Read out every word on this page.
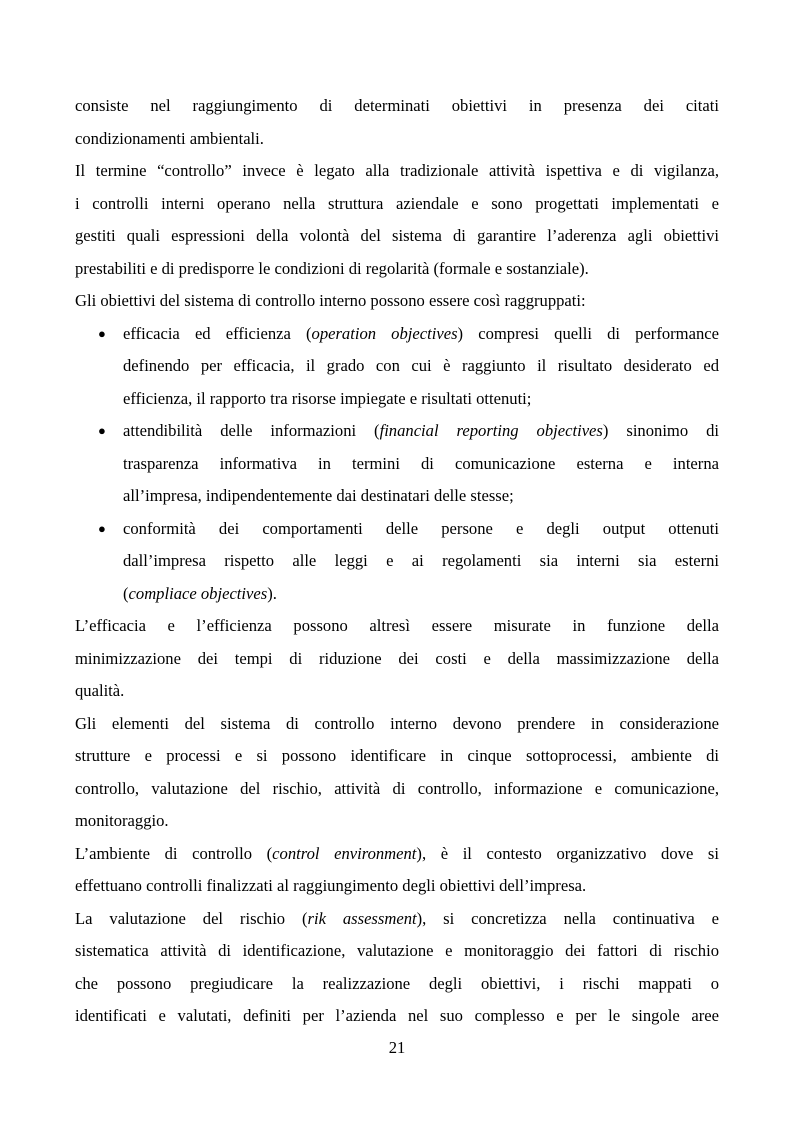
consiste nel raggiungimento di determinati obiettivi in presenza dei citati
condizionamenti ambientali.
Il termine “controllo” invece è legato alla tradizionale attività ispettiva e di vigilanza,
i controlli interni operano nella struttura aziendale e sono progettati implementati e
gestiti quali espressioni della volontà del sistema di garantire l’aderenza agli obiettivi
prestabiliti e di predisporre le condizioni di regolarità (formale e sostanziale).
Gli obiettivi del sistema di controllo interno possono essere così raggruppati:
● efficacia ed efficienza (operation objectives) compresi quelli di performance
definendo per efficacia, il grado con cui è raggiunto il risultato desiderato ed
efficienza, il rapporto tra risorse impiegate e risultati ottenuti;
● attendibilità delle informazioni (financial reporting objectives) sinonimo di
trasparenza informativa in termini di comunicazione esterna e interna
all’impresa, indipendentemente dai destinatari delle stesse;
● conformità dei comportamenti delle persone e degli output ottenuti
dall’impresa rispetto alle leggi e ai regolamenti sia interni sia esterni
(compliace objectives).
L’efficacia e l’efficienza possono altresì essere misurate in funzione della
minimizzazione dei tempi di riduzione dei costi e della massimizzazione della
qualità.
Gli elementi del sistema di controllo interno devono prendere in considerazione
strutture e processi e si possono identificare in cinque sottoprocessi, ambiente di
controllo, valutazione del rischio, attività di controllo, informazione e comunicazione,
monitoraggio.
L’ambiente di controllo (control environment), è il contesto organizzativo dove si
effettuano controlli finalizzati al raggiungimento degli obiettivi dell’impresa.
La valutazione del rischio (rik assessment), si concretizza nella continuativa e
sistematica attività di identificazione, valutazione e monitoraggio dei fattori di rischio
che possono pregiudicare la realizzazione degli obiettivi, i rischi mappati o
identificati e valutati, definiti per l’azienda nel suo complesso e per le singole aree
21
